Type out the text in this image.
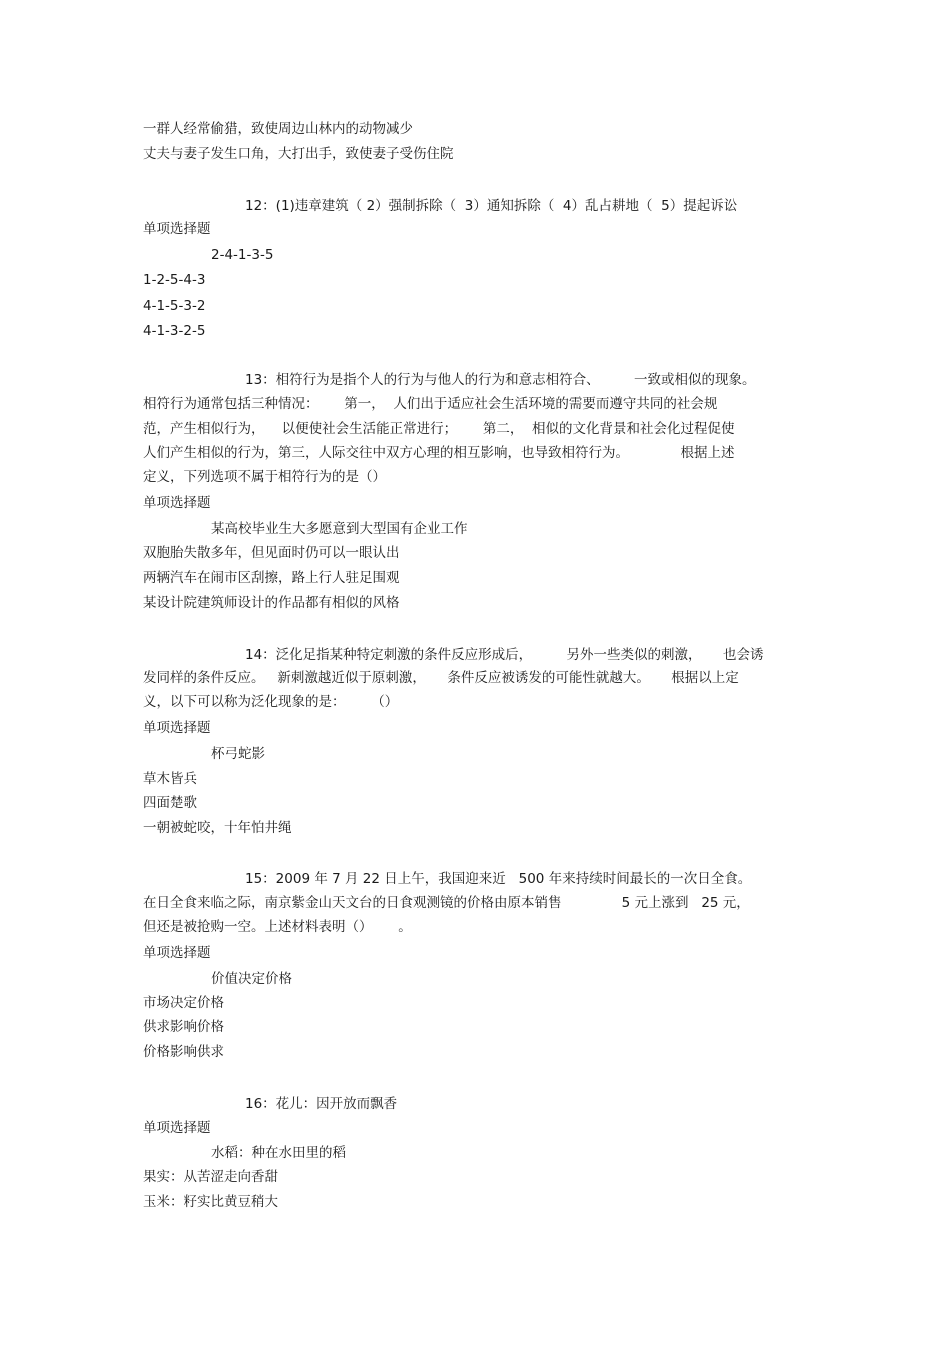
一群人经常偷猎，致使周边山林内的动物减少
丈夫与妻子发生口角，大打出手，致使妻子受伤住院
12：(1)违章建筑（ 2）强制拆除（  3）通知拆除（  4）乱占耕地（  5）提起诉讼
单项选择题
2-4-1-3-5
1-2-5-4-3
4-1-5-3-2
4-1-3-2-5
13：相符行为是指个人的行为与他人的行为和意志相符合、        一致或相似的现象。
相符行为通常包括三种情况：      第一，  人们出于适应社会生活环境的需要而遵守共同的社会规
范，产生相似行为，    以便使社会生活能正常进行；      第二，  相似的文化背景和社会化过程促使
人们产生相似的行为，第三，人际交往中双方心理的相互影响，也导致相符行为。            根据上述
定义，下列选项不属于相符行为的是（）
单项选择题
某高校毕业生大多愿意到大型国有企业工作
双胞胎失散多年，但见面时仍可以一眼认出
两辆汽车在闹市区刮擦，路上行人驻足围观
某设计院建筑师设计的作品都有相似的风格
14：泛化足指某种特定刺激的条件反应形成后，        另外一些类似的刺激，     也会诱
发同样的条件反应。   新刺激越近似于原刺激，     条件反应被诱发的可能性就越大。     根据以上定
义，以下可以称为泛化现象的是：      （）
单项选择题
杯弓蛇影
草木皆兵
四面楚歌
一朝被蛇咬，十年怕井绳
15：2009 年 7 月 22 日上午，我国迎来近   500 年来持续时间最长的一次日全食。
在日全食来临之际，南京紫金山天文台的日食观测镜的价格由原本销售              5 元上涨到   25 元，
但还是被抢购一空。上述材料表明（）      。
单项选择题
价值决定价格
市场决定价格
供求影响价格
价格影响供求
16：花儿：因开放而飘香
单项选择题
水稻：种在水田里的稻
果实：从苦涩走向香甜
玉米：籽实比黄豆稍大
